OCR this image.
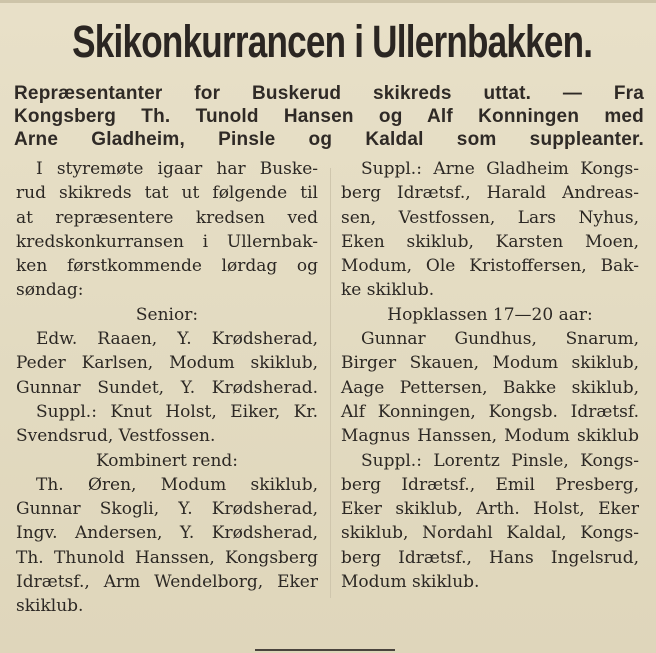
Skikonkurrancen i Ullernbakken.
Repræsentanter for Buskerud skikreds uttat. — Fra
Kongsberg Th. Tunold Hansen og Alf Konningen med
Arne Gladheim, Pinsle og Kaldal som suppleanter.
I styremøte igaar har Buske-
rud skikreds tat ut følgende til
at repræsentere kredsen ved
kredskonkurransen i Ullernbak-
ken førstkommende lørdag og
søndag:
Senior:
Edw. Raaen, Y. Krødsherad,
Peder Karlsen, Modum skiklub,
Gunnar Sundet, Y. Krødsherad.
Suppl.: Knut Holst, Eiker, Kr.
Svendsrud, Vestfossen.
Kombinert rend:
Th. Øren, Modum skiklub,
Gunnar Skogli, Y. Krødsherad,
Ingv. Andersen, Y. Krødsherad,
Th. Thunold Hanssen, Kongsberg
Idrætsf., Arm Wendelborg, Eker
skiklub.
Suppl.: Arne Gladheim Kongs-
berg Idrætsf., Harald Andreas-
sen, Vestfossen, Lars Nyhus,
Eken skiklub, Karsten Moen,
Modum, Ole Kristoffersen, Bak-
ke skiklub.
Hopklassen 17—20 aar:
Gunnar Gundhus, Snarum,
Birger Skauen, Modum skiklub,
Aage Pettersen, Bakke skiklub,
Alf Konningen, Kongsb. Idrætsf.
Magnus Hanssen, Modum skiklub
Suppl.: Lorentz Pinsle, Kongs-
berg Idrætsf., Emil Presberg,
Eker skiklub, Arth. Holst, Eker
skiklub, Nordahl Kaldal, Kongs-
berg Idrætsf., Hans Ingelsrud,
Modum skiklub.
